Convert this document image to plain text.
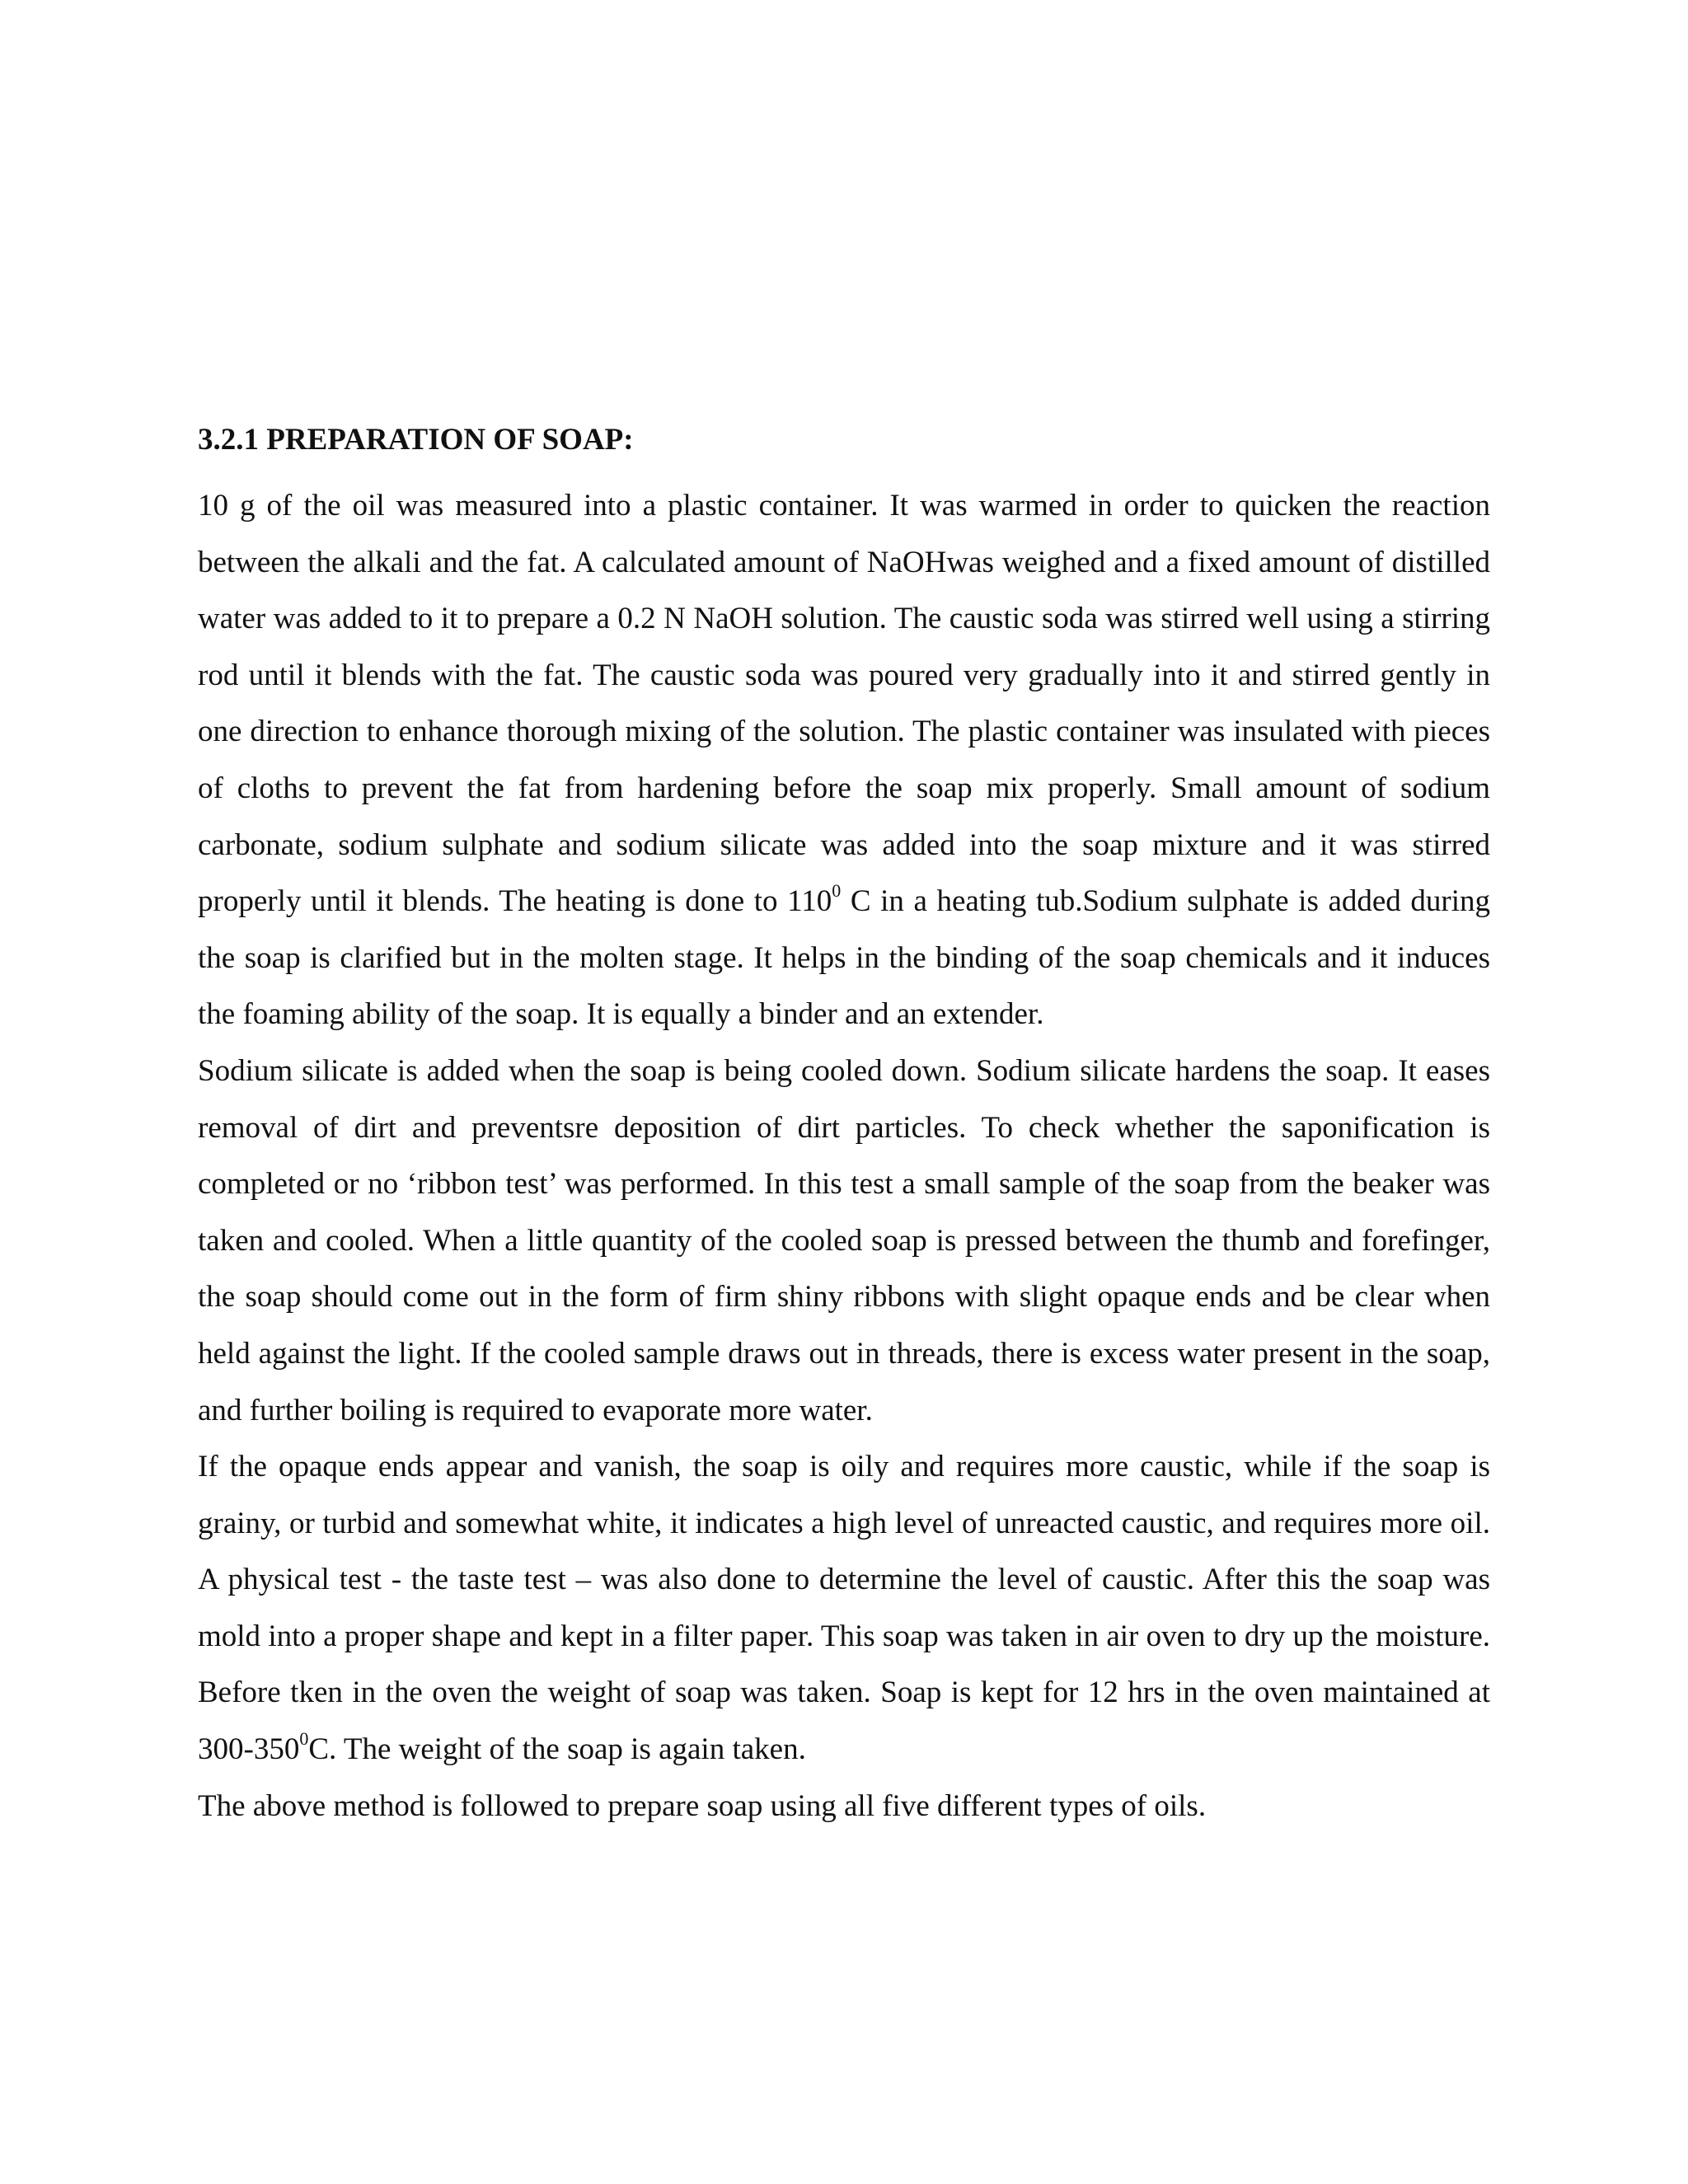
3.2.1 PREPARATION OF SOAP:

10 g of the oil was measured into a plastic container. It was warmed in order to quicken the reaction between the alkali and the fat. A calculated amount of NaOHwas weighed and a fixed amount of distilled water was added to it to prepare a 0.2 N NaOH solution. The caustic soda was stirred well using a stirring rod until it blends with the fat. The caustic soda was poured very gradually into it and stirred gently in one direction to enhance thorough mixing of the solution. The plastic container was insulated with pieces of cloths to prevent the fat from hardening before the soap mix properly. Small amount of sodium carbonate, sodium sulphate and sodium silicate was added into the soap mixture and it was stirred properly until it blends. The heating is done to $110^0$ C in a heating tub.Sodium sulphate is added during the soap is clarified but in the molten stage. It helps in the binding of the soap chemicals and it induces the foaming ability of the soap. It is equally a binder and an extender.

Sodium silicate is added when the soap is being cooled down. Sodium silicate hardens the soap. It eases removal of dirt and preventsre deposition of dirt particles. To check whether the saponification is completed or no ‘ribbon test’ was performed. In this test a small sample of the soap from the beaker was taken and cooled. When a little quantity of the cooled soap is pressed between the thumb and forefinger, the soap should come out in the form of firm shiny ribbons with slight opaque ends and be clear when held against the light. If the cooled sample draws out in threads, there is excess water present in the soap, and further boiling is required to evaporate more water.

If the opaque ends appear and vanish, the soap is oily and requires more caustic, while if the soap is grainy, or turbid and somewhat white, it indicates a high level of unreacted caustic, and requires more oil. A physical test - the taste test – was also done to determine the level of caustic. After this the soap was mold into a proper shape and kept in a filter paper. This soap was taken in air oven to dry up the moisture. Before tken in the oven the weight of soap was taken. Soap is kept for 12 hrs in the oven maintained at $300-350^0C$. The weight of the soap is again taken.

The above method is followed to prepare soap using all five different types of oils.
